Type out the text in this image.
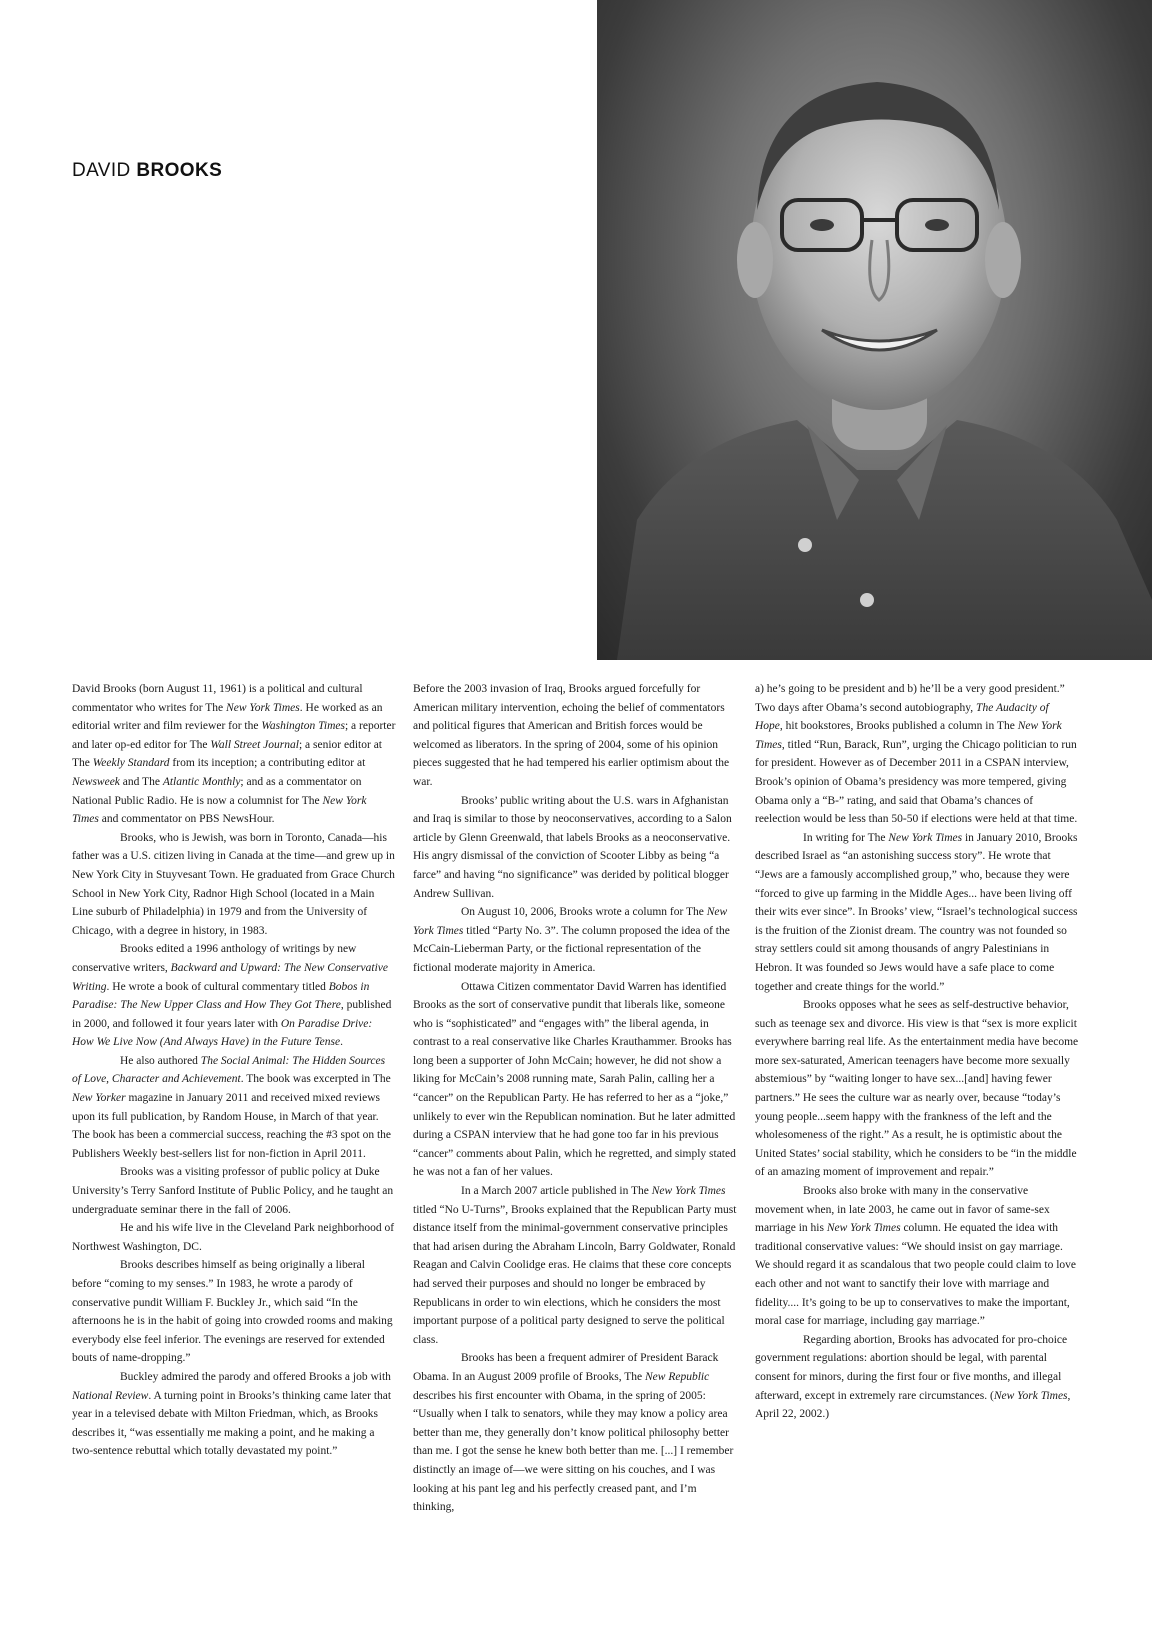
DAVID BROOKS

David Brooks (born August 11, 1961) is a political and cultural commentator who writes for The New York Times. He worked as an editorial writer and film reviewer for the Washington Times; a reporter and later op-ed editor for The Wall Street Journal; a senior editor at The Weekly Standard from its inception; a contributing editor at Newsweek and The Atlantic Monthly; and as a commentator on National Public Radio. He is now a columnist for The New York Times and commentator on PBS NewsHour.

Brooks, who is Jewish, was born in Toronto, Canada—his father was a U.S. citizen living in Canada at the time—and grew up in New York City in Stuyvesant Town. He graduated from Grace Church School in New York City, Radnor High School (located in a Main Line suburb of Philadelphia) in 1979 and from the University of Chicago, with a degree in history, in 1983.

Brooks edited a 1996 anthology of writings by new conservative writers, Backward and Upward: The New Conservative Writing. He wrote a book of cultural commentary titled Bobos in Paradise: The New Upper Class and How They Got There, published in 2000, and followed it four years later with On Paradise Drive: How We Live Now (And Always Have) in the Future Tense.

He also authored The Social Animal: The Hidden Sources of Love, Character and Achievement. The book was excerpted in The New Yorker magazine in January 2011 and received mixed reviews upon its full publication, by Random House, in March of that year. The book has been a commercial success, reaching the #3 spot on the Publishers Weekly best-sellers list for non-fiction in April 2011.

Brooks was a visiting professor of public policy at Duke University’s Terry Sanford Institute of Public Policy, and he taught an undergraduate seminar there in the fall of 2006.

He and his wife live in the Cleveland Park neighborhood of Northwest Washington, DC.

Brooks describes himself as being originally a liberal before “coming to my senses.” In 1983, he wrote a parody of conservative pundit William F. Buckley Jr., which said “In the afternoons he is in the habit of going into crowded rooms and making everybody else feel inferior. The evenings are reserved for extended bouts of name-dropping.”

Buckley admired the parody and offered Brooks a job with National Review. A turning point in Brooks’s thinking came later that year in a televised debate with Milton Friedman, which, as Brooks describes it, “was essentially me making a point, and he making a two-sentence rebuttal which totally devastated my point.”

Before the 2003 invasion of Iraq, Brooks argued forcefully for American military intervention, echoing the belief of commentators and political figures that American and British forces would be welcomed as liberators. In the spring of 2004, some of his opinion pieces suggested that he had tempered his earlier optimism about the war.

Brooks’ public writing about the U.S. wars in Afghanistan and Iraq is similar to those by neoconservatives, according to a Salon article by Glenn Greenwald, that labels Brooks as a neoconservative. His angry dismissal of the conviction of Scooter Libby as being “a farce” and having “no significance” was derided by political blogger Andrew Sullivan.

On August 10, 2006, Brooks wrote a column for The New York Times titled “Party No. 3”. The column proposed the idea of the McCain-Lieberman Party, or the fictional representation of the fictional moderate majority in America.

Ottawa Citizen commentator David Warren has identified Brooks as the sort of conservative pundit that liberals like, someone who is “sophisticated” and “engages with” the liberal agenda, in contrast to a real conservative like Charles Krauthammer. Brooks has long been a supporter of John McCain; however, he did not show a liking for McCain’s 2008 running mate, Sarah Palin, calling her a “cancer” on the Republican Party. He has referred to her as a “joke,” unlikely to ever win the Republican nomination. But he later admitted during a CSPAN interview that he had gone too far in his previous “cancer” comments about Palin, which he regretted, and simply stated he was not a fan of her values.

In a March 2007 article published in The New York Times titled “No U-Turns”, Brooks explained that the Republican Party must distance itself from the minimal-government conservative principles that had arisen during the Abraham Lincoln, Barry Goldwater, Ronald Reagan and Calvin Coolidge eras. He claims that these core concepts had served their purposes and should no longer be embraced by Republicans in order to win elections, which he considers the most important purpose of a political party designed to serve the political class.

Brooks has been a frequent admirer of President Barack Obama. In an August 2009 profile of Brooks, The New Republic describes his first encounter with Obama, in the spring of 2005: “Usually when I talk to senators, while they may know a policy area better than me, they generally don’t know political philosophy better than me. I got the sense he knew both better than me. [...] I remember distinctly an image of—we were sitting on his couches, and I was looking at his pant leg and his perfectly creased pant, and I’m thinking,

a) he’s going to be president and b) he’ll be a very good president.” Two days after Obama’s second autobiography, The Audacity of Hope, hit bookstores, Brooks published a column in The New York Times, titled “Run, Barack, Run”, urging the Chicago politician to run for president. However as of December 2011 in a CSPAN interview, Brook’s opinion of Obama’s presidency was more tempered, giving Obama only a “B-” rating, and said that Obama’s chances of reelection would be less than 50-50 if elections were held at that time.

In writing for The New York Times in January 2010, Brooks described Israel as “an astonishing success story”. He wrote that “Jews are a famously accomplished group,” who, because they were “forced to give up farming in the Middle Ages... have been living off their wits ever since”. In Brooks’ view, “Israel’s technological success is the fruition of the Zionist dream. The country was not founded so stray settlers could sit among thousands of angry Palestinians in Hebron. It was founded so Jews would have a safe place to come together and create things for the world.”

Brooks opposes what he sees as self-destructive behavior, such as teenage sex and divorce. His view is that “sex is more explicit everywhere barring real life. As the entertainment media have become more sex-saturated, American teenagers have become more sexually abstemious” by “waiting longer to have sex...[and] having fewer partners.” He sees the culture war as nearly over, because “today’s young people...seem happy with the frankness of the left and the wholesomeness of the right.” As a result, he is optimistic about the United States’ social stability, which he considers to be “in the middle of an amazing moment of improvement and repair.”

Brooks also broke with many in the conservative movement when, in late 2003, he came out in favor of same-sex marriage in his New York Times column. He equated the idea with traditional conservative values: “We should insist on gay marriage. We should regard it as scandalous that two people could claim to love each other and not want to sanctify their love with marriage and fidelity.... It’s going to be up to conservatives to make the important, moral case for marriage, including gay marriage.”

Regarding abortion, Brooks has advocated for pro-choice government regulations: abortion should be legal, with parental consent for minors, during the first four or five months, and illegal afterward, except in extremely rare circumstances. (New York Times, April 22, 2002.)
